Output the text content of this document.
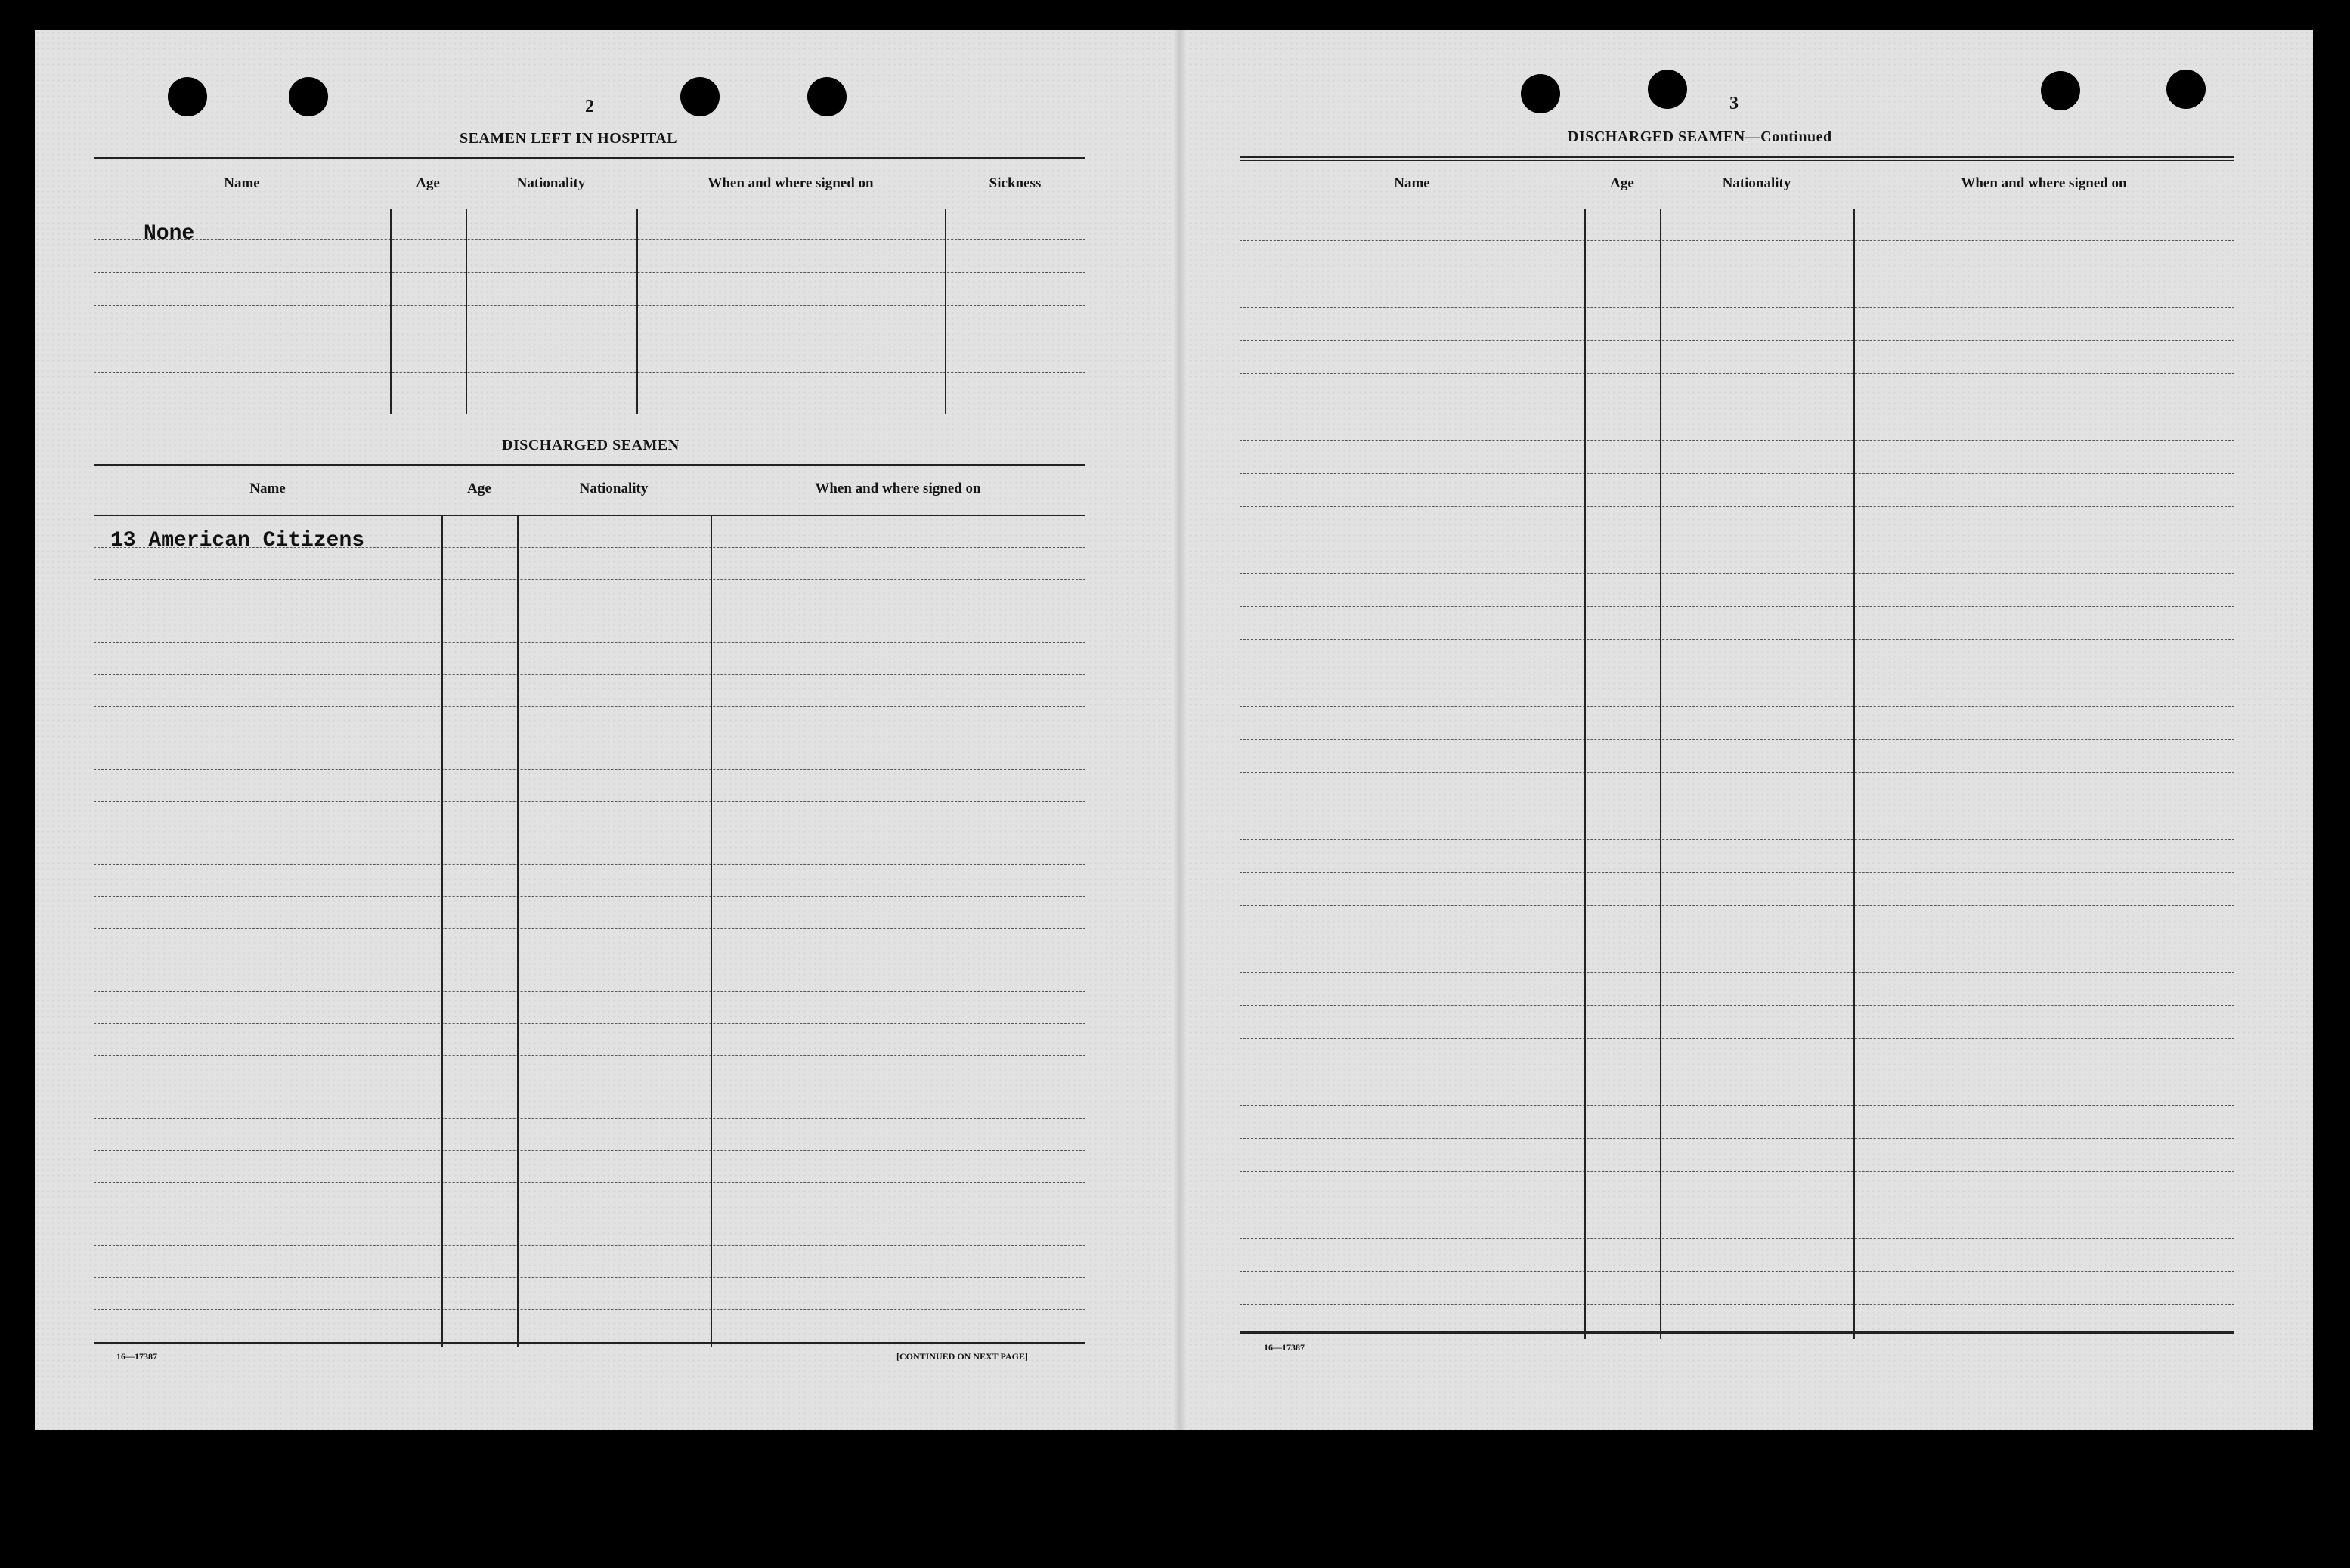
2
SEAMEN LEFT IN HOSPITAL
Name	Age	Nationality	When and where signed on	Sickness
None
DISCHARGED SEAMEN
Name	Age	Nationality	When and where signed on
13 American Citizens
16—17387	[CONTINUED ON NEXT PAGE]
3
DISCHARGED SEAMEN—Continued
Name	Age	Nationality	When and where signed on
16—17387
